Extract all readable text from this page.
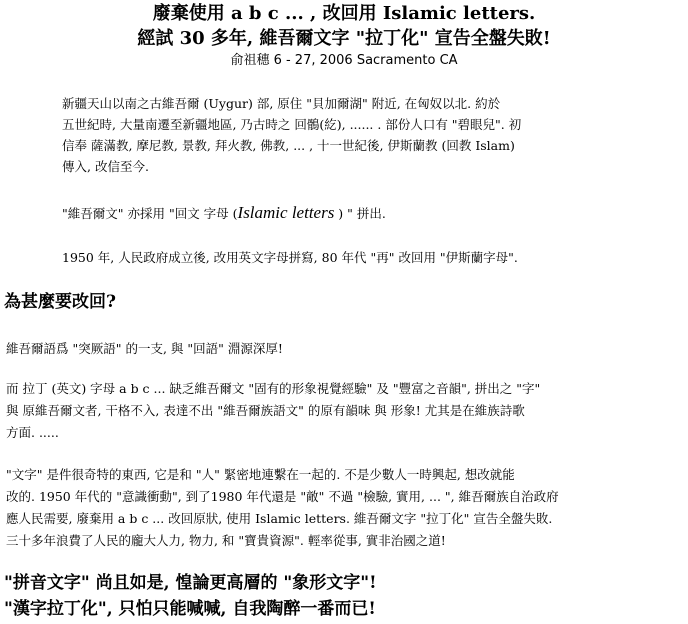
廢棄使用 a b c ... , 改回用 Islamic letters.
經試 30 多年, 維吾爾文字 "拉丁化" 宣告全盤失敗!
俞祖穗 6 - 27, 2006 Sacramento CA
新疆天山以南之古維吾爾 (Uygur) 部, 原住 "貝加爾湖" 附近, 在匈奴以北. 約於
五世紀時, 大量南遷至新疆地區, 乃古時之 回鶻(紇), ...... . 部份人口有 "碧眼兒". 初
信奉 薩滿教, 摩尼教, 景教, 拜火教, 佛教, ... , 十一世紀後, 伊斯蘭教 (回教 Islam)
傳入, 改信至今.
"維吾爾文" 亦採用 "回文 字母 (Islamic letters ) " 拼出.
1950 年, 人民政府成立後, 改用英文字母拼寫, 80 年代 "再" 改回用 "伊斯蘭字母".
為甚麼要改回?
維吾爾語爲 "突厥語" 的一支, 與 "回語" 淵源深厚!
而 拉丁 (英文) 字母 a b c ... 缺乏維吾爾文 "固有的形象視覺經驗" 及 "豐富之音韻", 拼出之 "字"
與 原維吾爾文者, 干格不入, 表達不出 "維吾爾族語文" 的原有韻味 與 形象! 尤其是在維族詩歌
方面. .....
"文字" 是件很奇特的東西, 它是和 "人" 緊密地連繫在一起的. 不是少數人一時興起, 想改就能
改的. 1950 年代的 "意識衝動", 到了1980 年代還是 "敵" 不過 "檢驗, 實用, ... ", 維吾爾族自治政府
應人民需要, 廢棄用 a b c ... 改回原狀, 使用 Islamic letters. 維吾爾文字 "拉丁化" 宣告全盤失敗.
三十多年浪費了人民的龐大人力, 物力, 和 "寶貴資源". 輕率從事, 實非治國之道!
"拼音文字" 尚且如是, 惶論更高層的 "象形文字"!
"漢字拉丁化", 只怕只能喊喊, 自我陶醉一番而已!
